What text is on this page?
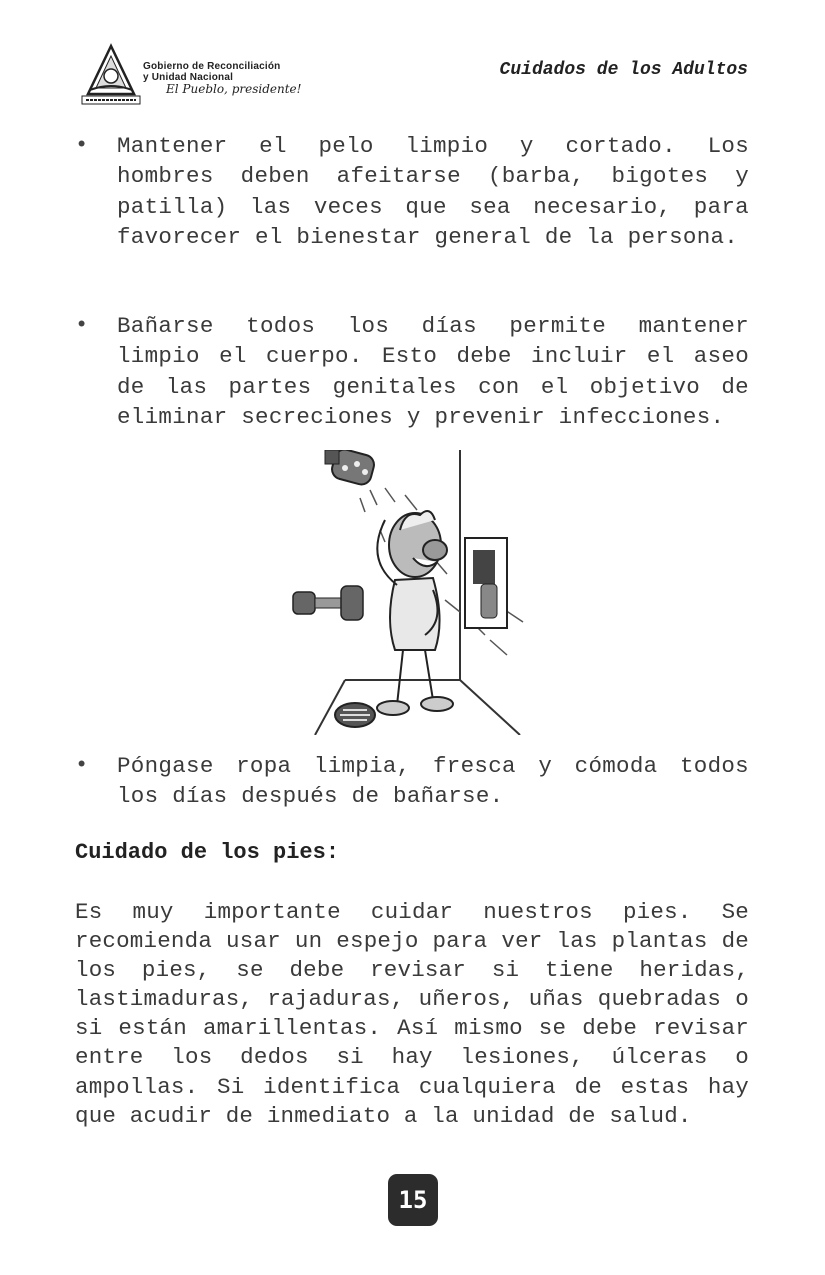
Gobierno de Reconciliación
y Unidad Nacional
El Pueblo, presidente!
Cuidados de los Adultos
• Mantener el pelo limpio y cortado. Los hombres deben afeitarse (barba, bigotes y patilla) las veces que sea necesario, para favorecer el bienestar general de la persona.
• Bañarse todos los días permite mantener limpio el cuerpo. Esto debe incluir el aseo de las partes genitales con el objetivo de eliminar secreciones y prevenir infecciones.
• Póngase ropa limpia, fresca y cómoda todos los días después de bañarse.
Cuidado de los pies:
Es muy importante cuidar nuestros pies. Se recomienda usar un espejo para ver las plantas de los pies, se debe revisar si tiene heridas, lastimaduras, rajaduras, uñeros, uñas quebradas o si están amarillentas. Así mismo se debe revisar entre los dedos si hay lesiones, úlceras o ampollas. Si identifica cualquiera de estas hay que acudir de inmediato a la unidad de salud.
15
